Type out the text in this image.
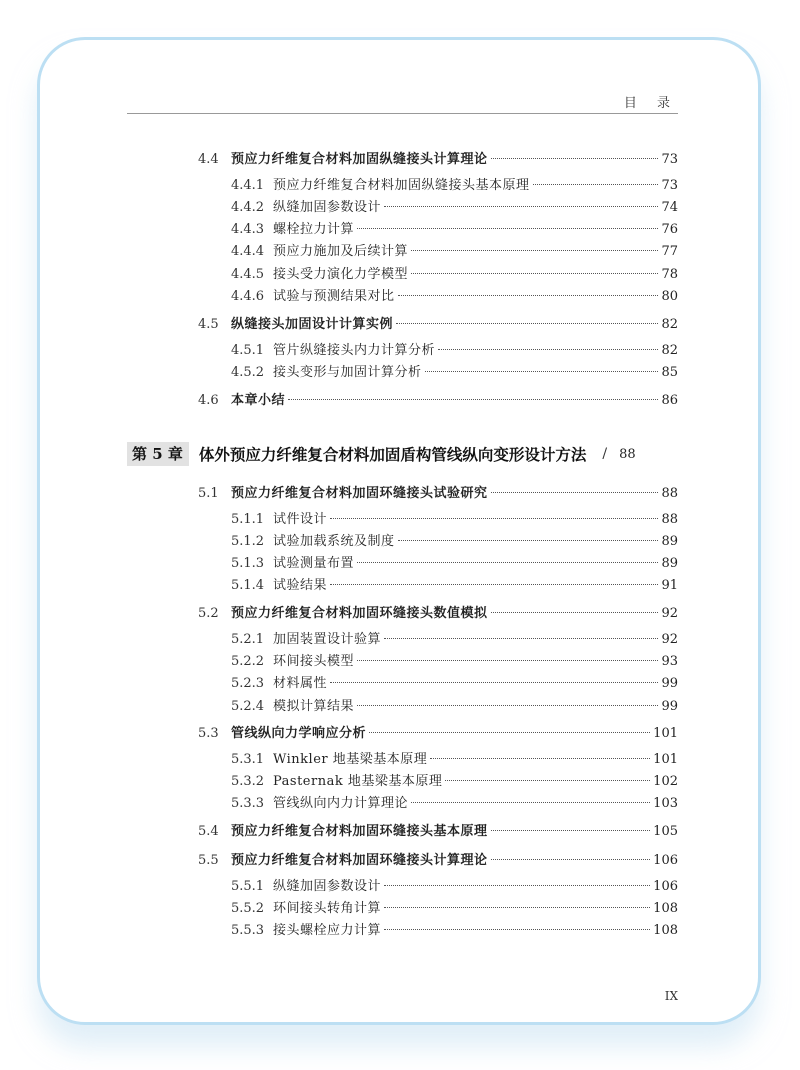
目 录
4.4 预应力纤维复合材料加固纵缝接头计算理论	73
4.4.1 预应力纤维复合材料加固纵缝接头基本原理	73
4.4.2 纵缝加固参数设计	74
4.4.3 螺栓拉力计算	76
4.4.4 预应力施加及后续计算	77
4.4.5 接头受力演化力学模型	78
4.4.6 试验与预测结果对比	80
4.5 纵缝接头加固设计计算实例	82
4.5.1 管片纵缝接头内力计算分析	82
4.5.2 接头变形与加固计算分析	85
4.6 本章小结	86
第 5 章	体外预应力纤维复合材料加固盾构管线纵向变形设计方法 / 88
5.1 预应力纤维复合材料加固环缝接头试验研究	88
5.1.1 试件设计	88
5.1.2 试验加载系统及制度	89
5.1.3 试验测量布置	89
5.1.4 试验结果	91
5.2 预应力纤维复合材料加固环缝接头数值模拟	92
5.2.1 加固装置设计验算	92
5.2.2 环间接头模型	93
5.2.3 材料属性	99
5.2.4 模拟计算结果	99
5.3 管线纵向力学响应分析	101
5.3.1 Winkler 地基梁基本原理	101
5.3.2 Pasternak 地基梁基本原理	102
5.3.3 管线纵向内力计算理论	103
5.4 预应力纤维复合材料加固环缝接头基本原理	105
5.5 预应力纤维复合材料加固环缝接头计算理论	106
5.5.1 纵缝加固参数设计	106
5.5.2 环间接头转角计算	108
5.5.3 接头螺栓应力计算	108
IX
